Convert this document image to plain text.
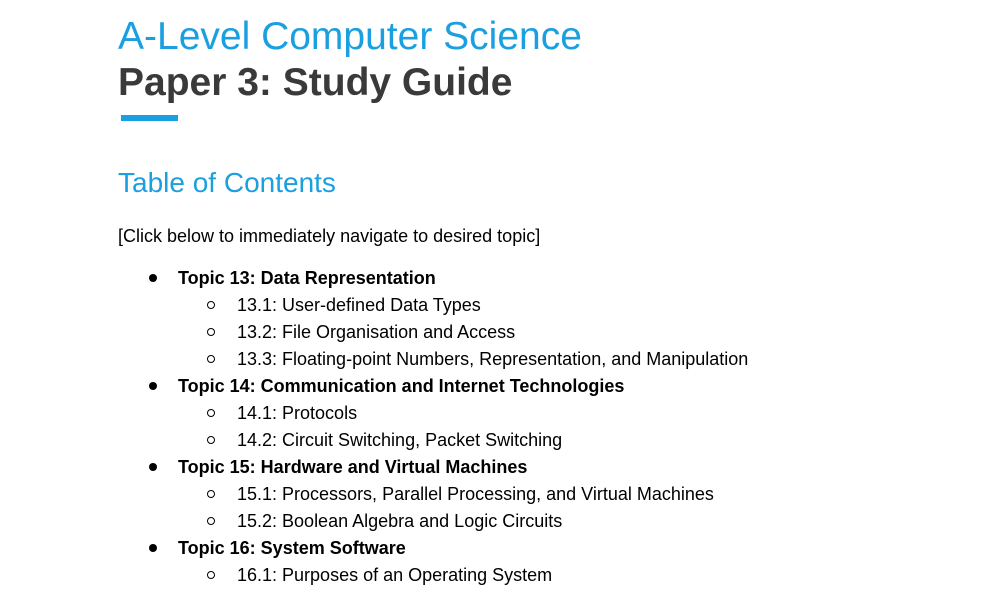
A-Level Computer Science
Paper 3: Study Guide
Table of Contents

[Click below to immediately navigate to desired topic]

Topic 13: Data Representation
13.1: User-defined Data Types
13.2: File Organisation and Access
13.3: Floating-point Numbers, Representation, and Manipulation
Topic 14: Communication and Internet Technologies
14.1: Protocols
14.2: Circuit Switching, Packet Switching
Topic 15: Hardware and Virtual Machines
15.1: Processors, Parallel Processing, and Virtual Machines
15.2: Boolean Algebra and Logic Circuits
Topic 16: System Software
16.1: Purposes of an Operating System
